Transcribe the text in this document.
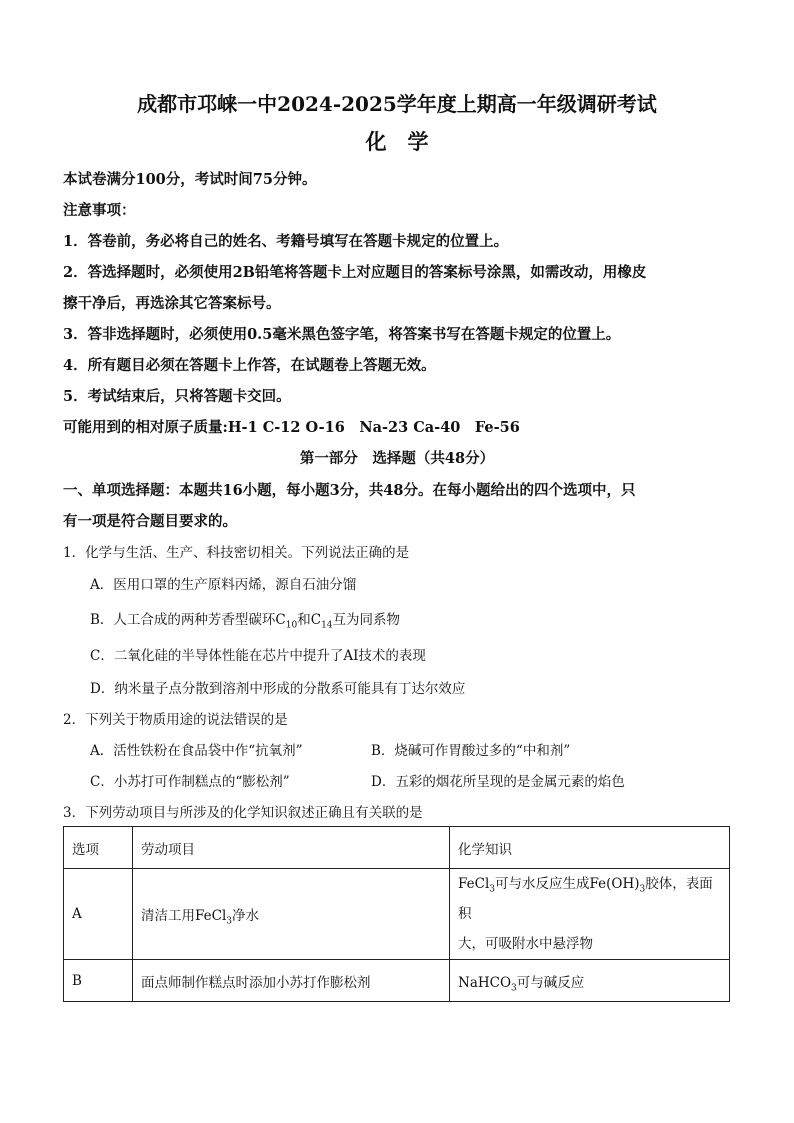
成都市邛崃一中2024-2025学年度上期高一年级调研考试
化　学
本试卷满分100分，考试时间75分钟。
注意事项：
1．答卷前，务必将自己的姓名、考籍号填写在答题卡规定的位置上。
2．答选择题时，必须使用2B铅笔将答题卡上对应题目的答案标号涂黑，如需改动，用橡皮
擦干净后，再选涂其它答案标号。
3．答非选择题时，必须使用0.5毫米黑色签字笔，将答案书写在答题卡规定的位置上。
4．所有题目必须在答题卡上作答，在试题卷上答题无效。
5．考试结束后，只将答题卡交回。
可能用到的相对原子质量:H-1 C-12 O-16　Na-23 Ca-40　Fe-56
第一部分　选择题（共48分）
一、单项选择题：本题共16小题，每小题3分，共48分。在每小题给出的四个选项中，只
有一项是符合题目要求的。
1．化学与生活、生产、科技密切相关。下列说法正确的是
A．医用口罩的生产原料丙烯，源自石油分馏
B．人工合成的两种芳香型碳环$C_{10}$和$C_{14}$互为同系物
C．二氧化硅的半导体性能在芯片中提升了AI技术的表现
D．纳米量子点分散到溶剂中形成的分散系可能具有丁达尔效应
2．下列关于物质用途的说法错误的是
A．活性铁粉在食品袋中作“抗氧剂”	B．烧碱可作胃酸过多的“中和剂”
C．小苏打可作制糕点的“膨松剂”	D．五彩的烟花所呈现的是金属元素的焰色
3．下列劳动项目与所涉及的化学知识叙述正确且有关联的是
选项	劳动项目	化学知识
A	清洁工用FeCl$_3$净水	FeCl$_3$可与水反应生成$Fe(OH)_3$胶体，表面积
大，可吸附水中悬浮物
B	面点师制作糕点时添加小苏打作膨松剂	NaHCO$_3$可与碱反应
